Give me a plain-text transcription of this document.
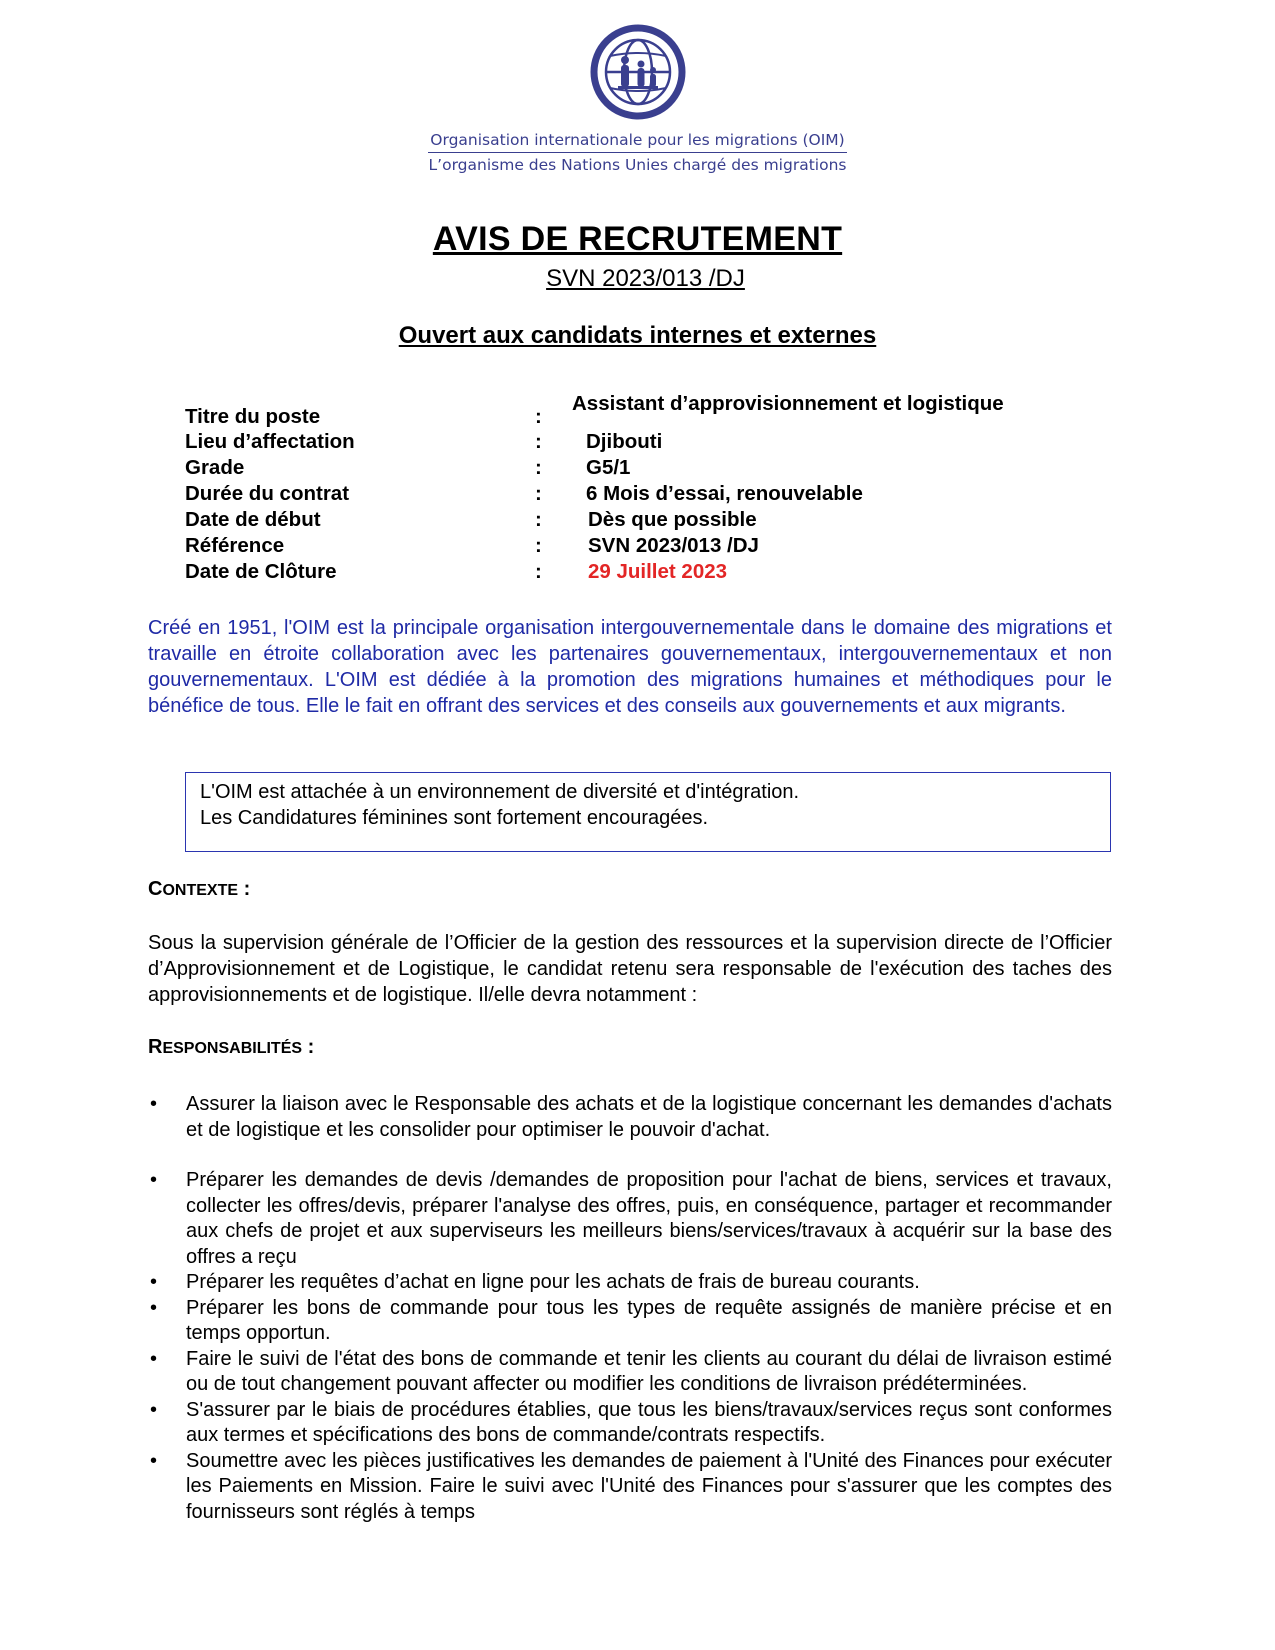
Organisation internationale pour les migrations (OIM)
L’organisme des Nations Unies chargé des migrations
AVIS DE RECRUTEMENT
SVN 2023/013 /DJ
Ouvert aux candidats internes et externes
Titre du poste	:
Assistant d’approvisionnement et logistique
Lieu d’affectation	: Djibouti
Grade	: G5/1
Durée du contrat	: 6 Mois d’essai, renouvelable
Date de début	: Dès que possible
Référence	: SVN 2023/013 /DJ
Date de Clôture	: 29 Juillet 2023
Créé en 1951, l'OIM est la principale organisation intergouvernementale dans le domaine des migrations et travaille en étroite collaboration avec les partenaires gouvernementaux, intergouvernementaux et non gouvernementaux. L'OIM est dédiée à la promotion des migrations humaines et méthodiques pour le bénéfice de tous. Elle le fait en offrant des services et des conseils aux gouvernements et aux migrants.
L'OIM est attachée à un environnement de diversité et d'intégration.
Les Candidatures féminines sont fortement encouragées.
CONTEXTE :
Sous la supervision générale de l’Officier de la gestion des ressources et la supervision directe de l’Officier d’Approvisionnement et de Logistique, le candidat retenu sera responsable de l'exécution des taches des approvisionnements et de logistique. Il/elle devra notamment :
RESPONSABILITÉS :
• Assurer la liaison avec le Responsable des achats et de la logistique concernant les demandes d'achats et de logistique et les consolider pour optimiser le pouvoir d'achat.
• Préparer les demandes de devis /demandes de proposition pour l'achat de biens, services et travaux, collecter les offres/devis, préparer l'analyse des offres, puis, en conséquence, partager et recommander aux chefs de projet et aux superviseurs les meilleurs biens/services/travaux à acquérir sur la base des offres a reçu
• Préparer les requêtes d’achat en ligne pour les achats de frais de bureau courants.
• Préparer les bons de commande pour tous les types de requête assignés de manière précise et en temps opportun.
• Faire le suivi de l'état des bons de commande et tenir les clients au courant du délai de livraison estimé ou de tout changement pouvant affecter ou modifier les conditions de livraison prédéterminées.
• S'assurer par le biais de procédures établies, que tous les biens/travaux/services reçus sont conformes aux termes et spécifications des bons de commande/contrats respectifs.
• Soumettre avec les pièces justificatives les demandes de paiement à l'Unité des Finances pour exécuter les Paiements en Mission. Faire le suivi avec l'Unité des Finances pour s'assurer que les comptes des fournisseurs sont réglés à temps
